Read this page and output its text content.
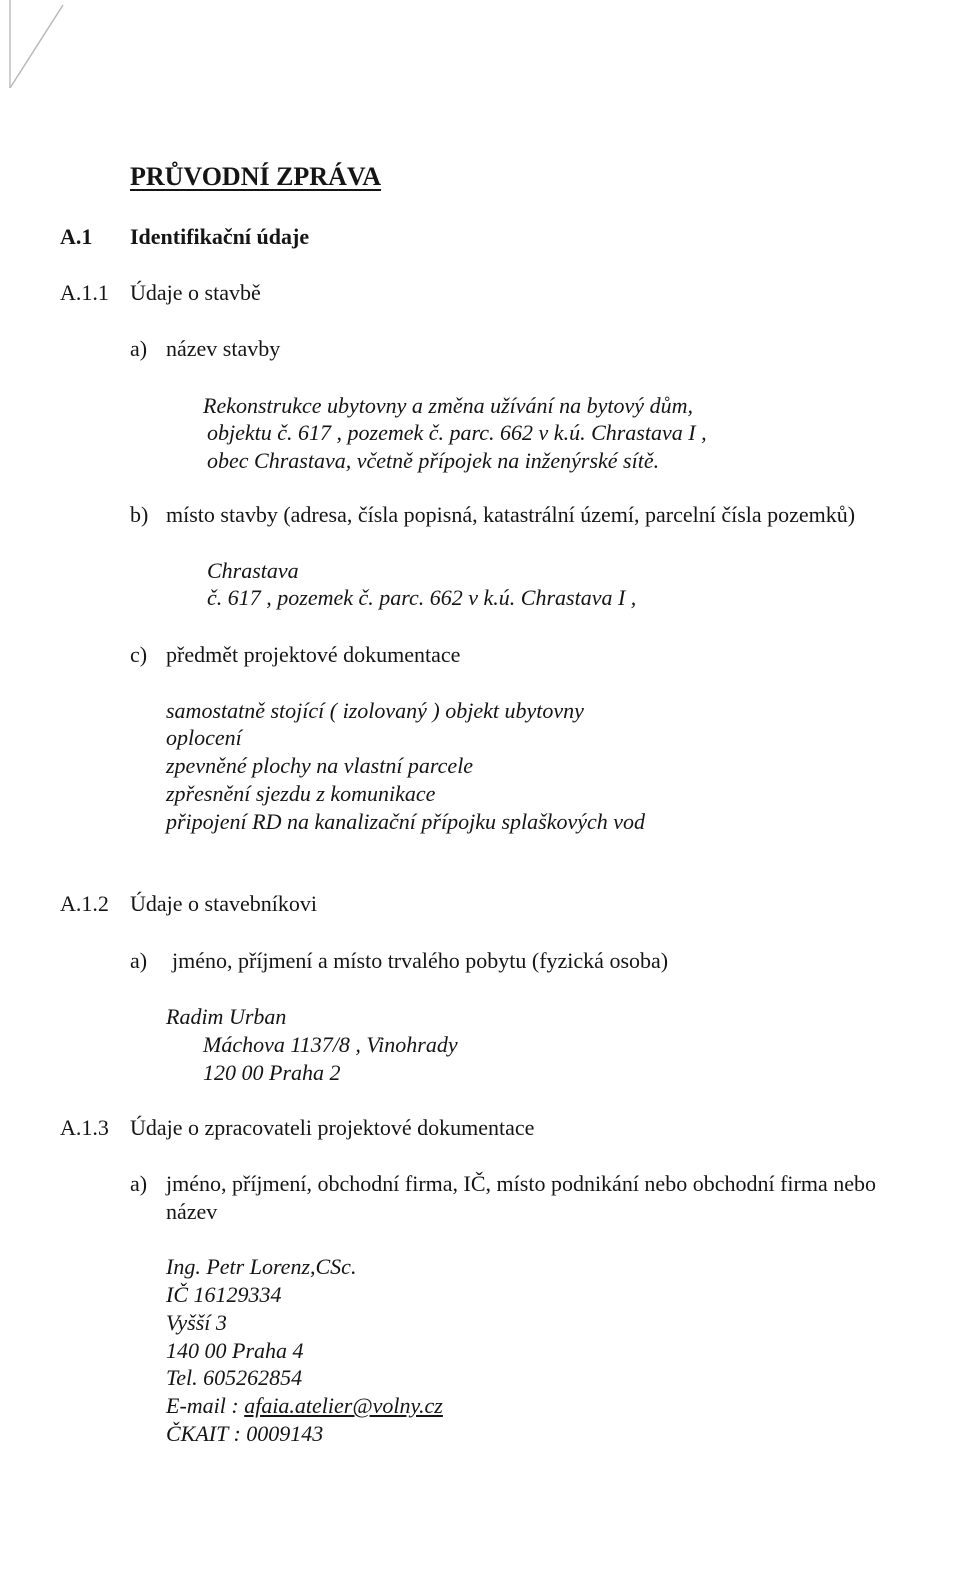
PRŮVODNÍ ZPRÁVA
A.1 Identifikační údaje
A.1.1 Údaje o stavbě
a) název stavby
Rekonstrukce ubytovny a změna užívání na bytový dům,
objektu č. 617 , pozemek č. parc. 662 v k.ú. Chrastava I ,
obec Chrastava, včetně přípojek na inženýrské sítě.
b) místo stavby (adresa, čísla popisná, katastrální území, parcelní čísla pozemků)
Chrastava
č. 617 , pozemek č. parc. 662 v k.ú. Chrastava I ,
c) předmět projektové dokumentace
samostatně stojící ( izolovaný ) objekt ubytovny
oplocení
zpevněné plochy na vlastní parcele
zpřesnění sjezdu z komunikace
připojení RD na kanalizační přípojku splaškových vod
A.1.2 Údaje o stavebníkovi
a) jméno, příjmení a místo trvalého pobytu (fyzická osoba)
Radim Urban
Máchova 1137/8 , Vinohrady
120 00 Praha 2
A.1.3 Údaje o zpracovateli projektové dokumentace
a) jméno, příjmení, obchodní firma, IČ, místo podnikání nebo obchodní firma nebo
název
Ing. Petr Lorenz,CSc.
IČ 16129334
Vyšší 3
140 00 Praha 4
Tel. 605262854
E-mail : afaia.atelier@volny.cz
ČKAIT : 0009143
